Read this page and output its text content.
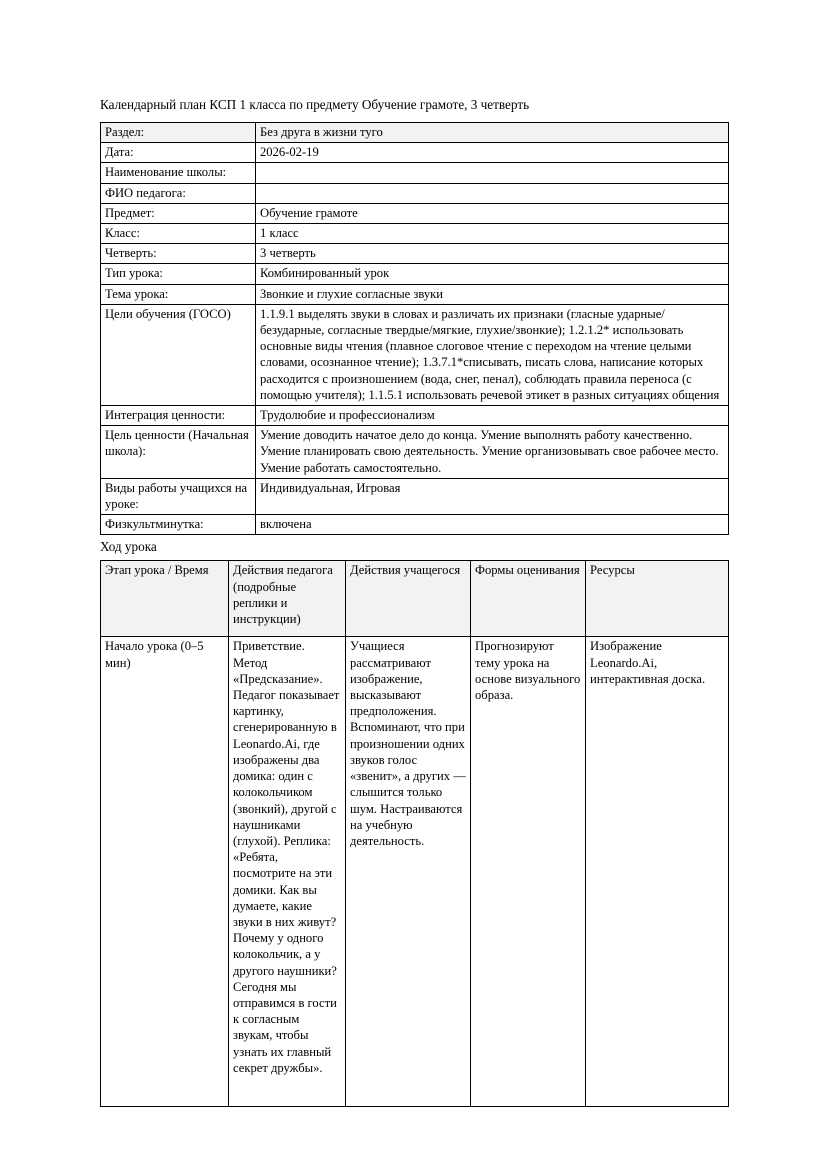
Календарный план КСП 1 класса по предмету Обучение грамоте, 3 четверть
Раздел:	Без друга в жизни туго
Дата:	2026-02-19
Наименование школы:	
ФИО педагога:	
Предмет:	Обучение грамоте
Класс:	1 класс
Четверть:	3 четверть
Тип урока:	Комбинированный урок
Тема урока:	Звонкие и глухие согласные звуки
Цели обучения (ГОСО)	1.1.9.1 выделять звуки в словах и различать их признаки (гласные ударные/безударные, согласные твердые/мягкие, глухие/звонкие); 1.2.1.2* использовать основные виды чтения (плавное слоговое чтение с переходом на чтение целыми словами, осознанное чтение); 1.3.7.1*списывать, писать слова, написание которых расходится с произношением (вода, снег, пенал), соблюдать правила переноса (с помощью учителя); 1.1.5.1 использовать речевой этикет в разных ситуациях общения
Интеграция ценности:	Трудолюбие и профессионализм
Цель ценности (Начальная школа):	Умение доводить начатое дело до конца. Умение выполнять работу качественно. Умение планировать свою деятельность. Умение организовывать свое рабочее место. Умение работать самостоятельно.
Виды работы учащихся на уроке:	Индивидуальная, Игровая
Физкультминутка:	включена
Ход урока
Этап урока / Время	Действия педагога (подробные реплики и инструкции)	Действия учащегося	Формы оценивания	Ресурсы
Начало урока (0–5 мин)	Приветствие. Метод «Предсказание». Педагог показывает картинку, сгенерированную в Leonardo.Ai, где изображены два домика: один с колокольчиком (звонкий), другой с наушниками (глухой). Реплика: «Ребята, посмотрите на эти домики. Как вы думаете, какие звуки в них живут? Почему у одного колокольчик, а у другого наушники? Сегодня мы отправимся в гости к согласным звукам, чтобы узнать их главный секрет дружбы».	Учащиеся рассматривают изображение, высказывают предположения. Вспоминают, что при произношении одних звуков голос «звенит», а других — слышится только шум. Настраиваются на учебную деятельность.	Прогнозируют тему урока на основе визуального образа.	Изображение Leonardo.Ai, интерактивная доска.
